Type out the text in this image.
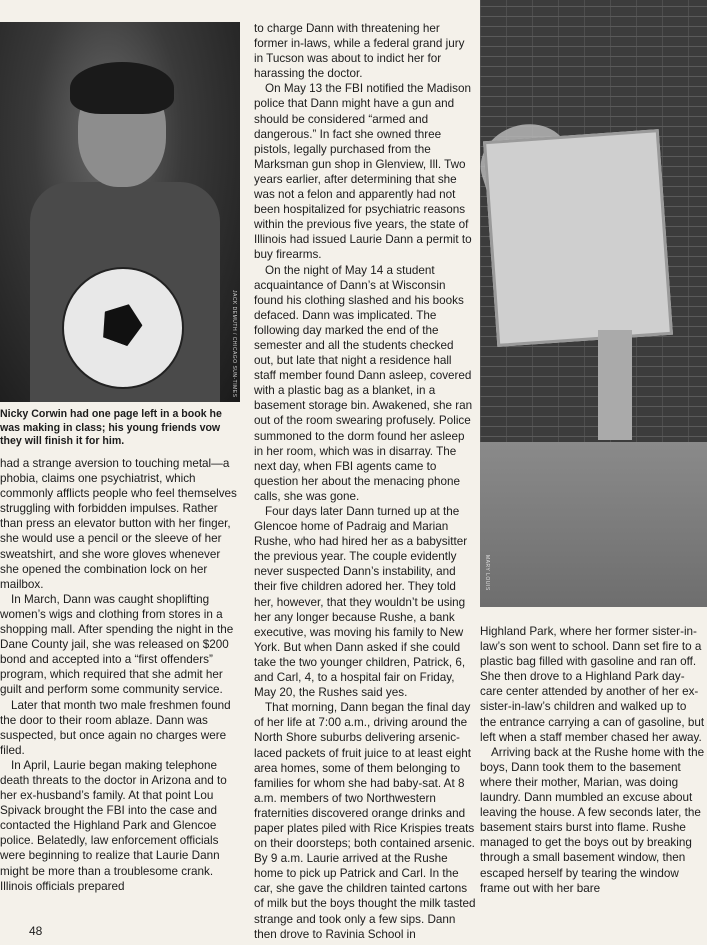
JACK DEMUTH / CHICAGO SUN-TIMES
MARY LOUIS
Nicky Corwin had one page left in a book he was making in class; his young friends vow they will finish it for him.

had a strange aversion to touching metal—a phobia, claims one psychiatrist, which commonly afflicts people who feel themselves struggling with forbidden impulses. Rather than press an elevator button with her finger, she would use a pencil or the sleeve of her sweatshirt, and she wore gloves whenever she opened the combination lock on her mailbox.

In March, Dann was caught shoplifting women’s wigs and clothing from stores in a shopping mall. After spending the night in the Dane County jail, she was released on $200 bond and accepted into a “first offenders” program, which required that she admit her guilt and perform some community service.

Later that month two male freshmen found the door to their room ablaze. Dann was suspected, but once again no charges were filed.

In April, Laurie began making telephone death threats to the doctor in Arizona and to her ex-husband’s family. At that point Lou Spivack brought the FBI into the case and contacted the Highland Park and Glencoe police. Belatedly, law enforcement officials were beginning to realize that Laurie Dann might be more than a troublesome crank. Illinois officials prepared

to charge Dann with threatening her former in-laws, while a federal grand jury in Tucson was about to indict her for harassing the doctor.

On May 13 the FBI notified the Madison police that Dann might have a gun and should be considered “armed and dangerous.” In fact she owned three pistols, legally purchased from the Marksman gun shop in Glenview, Ill. Two years earlier, after determining that she was not a felon and apparently had not been hospitalized for psychiatric reasons within the previous five years, the state of Illinois had issued Laurie Dann a permit to buy firearms.

On the night of May 14 a student acquaintance of Dann’s at Wisconsin found his clothing slashed and his books defaced. Dann was implicated. The following day marked the end of the semester and all the students checked out, but late that night a residence hall staff member found Dann asleep, covered with a plastic bag as a blanket, in a basement storage bin. Awakened, she ran out of the room swearing profusely. Police summoned to the dorm found her asleep in her room, which was in disarray. The next day, when FBI agents came to question her about the menacing phone calls, she was gone.

Four days later Dann turned up at the Glencoe home of Padraig and Marian Rushe, who had hired her as a babysitter the previous year. The couple evidently never suspected Dann’s instability, and their five children adored her. They told her, however, that they wouldn’t be using her any longer because Rushe, a bank executive, was moving his family to New York. But when Dann asked if she could take the two younger children, Patrick, 6, and Carl, 4, to a hospital fair on Friday, May 20, the Rushes said yes.

That morning, Dann began the final day of her life at 7:00 a.m., driving around the North Shore suburbs delivering arsenic-laced packets of fruit juice to at least eight area homes, some of them belonging to families for whom she had baby-sat. At 8 a.m. members of two Northwestern fraternities discovered orange drinks and paper plates piled with Rice Krispies treats on their doorsteps; both contained arsenic. By 9 a.m. Laurie arrived at the Rushe home to pick up Patrick and Carl. In the car, she gave the children tainted cartons of milk but the boys thought the milk tasted strange and took only a few sips. Dann then drove to Ravinia School in

Highland Park, where her former sister-in-law’s son went to school. Dann set fire to a plastic bag filled with gasoline and ran off. She then drove to a Highland Park day-care center attended by another of her ex-sister-in-law’s children and walked up to the entrance carrying a can of gasoline, but left when a staff member chased her away.

Arriving back at the Rushe home with the boys, Dann took them to the basement where their mother, Marian, was doing laundry. Dann mumbled an excuse about leaving the house. A few seconds later, the basement stairs burst into flame. Rushe managed to get the boys out by breaking through a small basement window, then escaped herself by tearing the window frame out with her bare

48
